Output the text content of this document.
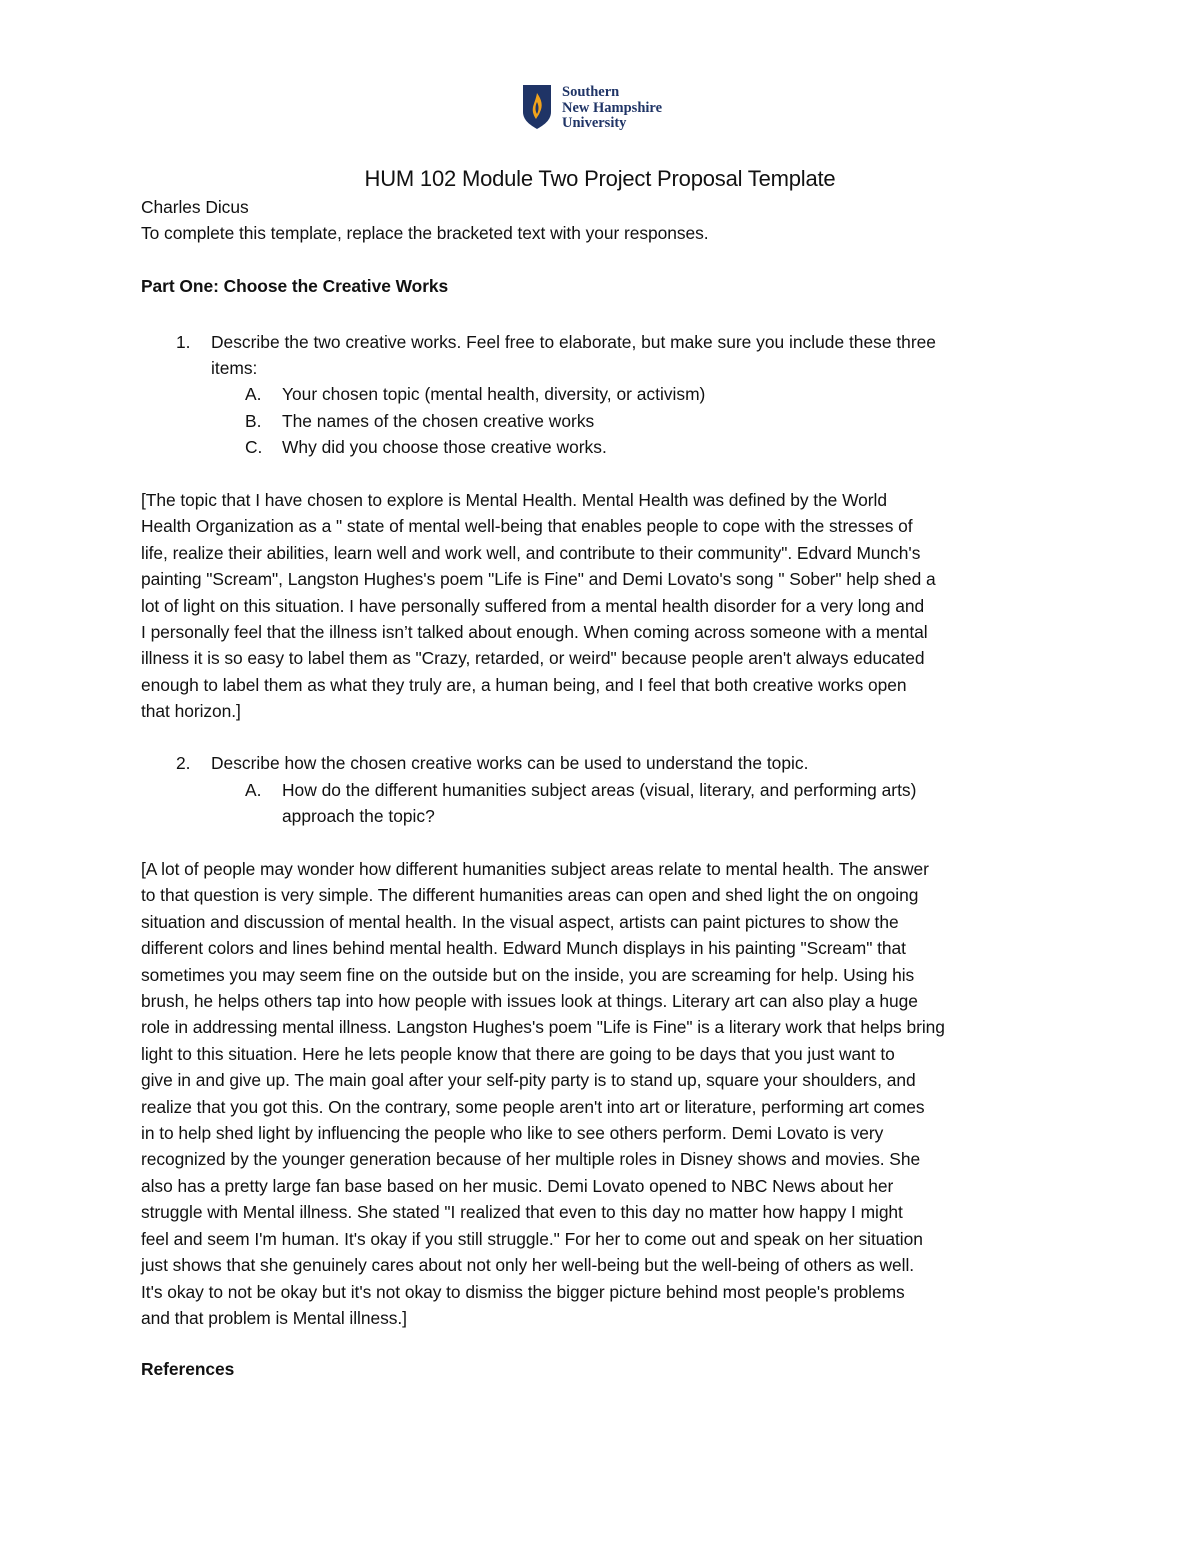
Southern
New Hampshire
University
HUM 102 Module Two Project Proposal Template
Charles Dicus
To complete this template, replace the bracketed text with your responses.
Part One: Choose the Creative Works
1. Describe the two creative works. Feel free to elaborate, but make sure you include these three
items:
A. Your chosen topic (mental health, diversity, or activism)
B. The names of the chosen creative works
C. Why did you choose those creative works.
[The topic that I have chosen to explore is Mental Health. Mental Health was defined by the World
Health Organization as a " state of mental well-being that enables people to cope with the stresses of
life, realize their abilities, learn well and work well, and contribute to their community". Edvard Munch's
painting "Scream", Langston Hughes's poem "Life is Fine" and Demi Lovato's song " Sober" help shed a
lot of light on this situation. I have personally suffered from a mental health disorder for a very long and
I personally feel that the illness isn’t talked about enough. When coming across someone with a mental
illness it is so easy to label them as "Crazy, retarded, or weird" because people aren't always educated
enough to label them as what they truly are, a human being, and I feel that both creative works open
that horizon.]
2. Describe how the chosen creative works can be used to understand the topic.
A. How do the different humanities subject areas (visual, literary, and performing arts)
approach the topic?
[A lot of people may wonder how different humanities subject areas relate to mental health. The answer
to that question is very simple. The different humanities areas can open and shed light the on ongoing
situation and discussion of mental health. In the visual aspect, artists can paint pictures to show the
different colors and lines behind mental health. Edward Munch displays in his painting "Scream" that
sometimes you may seem fine on the outside but on the inside, you are screaming for help. Using his
brush, he helps others tap into how people with issues look at things. Literary art can also play a huge
role in addressing mental illness. Langston Hughes's poem "Life is Fine" is a literary work that helps bring
light to this situation. Here he lets people know that there are going to be days that you just want to
give in and give up. The main goal after your self-pity party is to stand up, square your shoulders, and
realize that you got this. On the contrary, some people aren't into art or literature, performing art comes
in to help shed light by influencing the people who like to see others perform. Demi Lovato is very
recognized by the younger generation because of her multiple roles in Disney shows and movies. She
also has a pretty large fan base based on her music. Demi Lovato opened to NBC News about her
struggle with Mental illness. She stated "I realized that even to this day no matter how happy I might
feel and seem I'm human. It's okay if you still struggle." For her to come out and speak on her situation
just shows that she genuinely cares about not only her well-being but the well-being of others as well.
It's okay to not be okay but it's not okay to dismiss the bigger picture behind most people's problems
and that problem is Mental illness.]
References
